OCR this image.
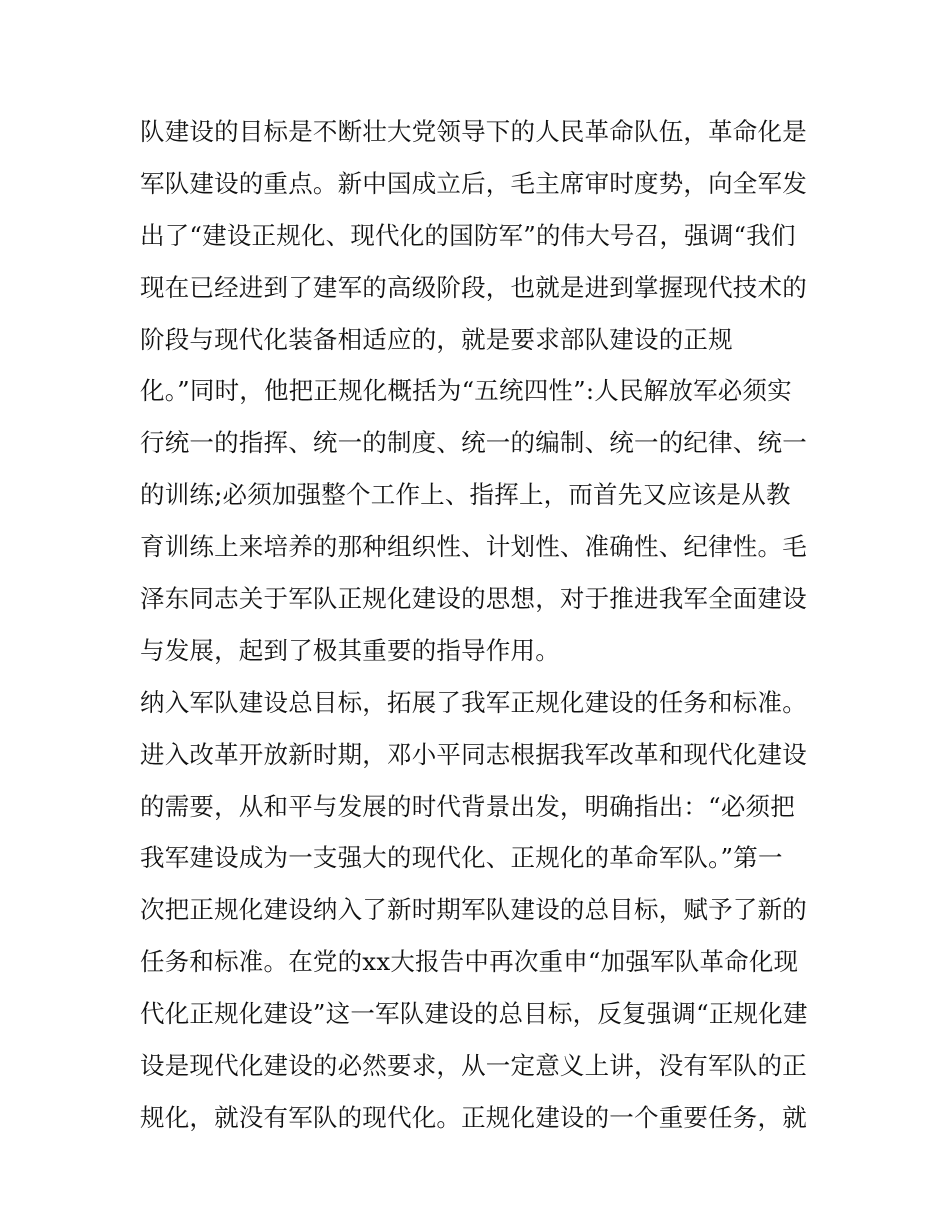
队建设的目标是不断壮大党领导下的人民革命队伍，革命化是
军队建设的重点。新中国成立后，毛主席审时度势，向全军发
出了“建设正规化、现代化的国防军”的伟大号召，强调“我们
现在已经进到了建军的高级阶段，也就是进到掌握现代技术的
阶段与现代化装备相适应的，就是要求部队建设的正规
化。”同时，他把正规化概括为“五统四性”:人民解放军必须实
行统一的指挥、统一的制度、统一的编制、统一的纪律、统一
的训练;必须加强整个工作上、指挥上，而首先又应该是从教
育训练上来培养的那种组织性、计划性、准确性、纪律性。毛
泽东同志关于军队正规化建设的思想，对于推进我军全面建设
与发展，起到了极其重要的指导作用。
纳入军队建设总目标，拓展了我军正规化建设的任务和标准。
进入改革开放新时期，邓小平同志根据我军改革和现代化建设
的需要，从和平与发展的时代背景出发，明确指出：“必须把
我军建设成为一支强大的现代化、正规化的革命军队。”第一
次把正规化建设纳入了新时期军队建设的总目标，赋予了新的
任务和标准。在党的xx大报告中再次重申“加强军队革命化现
代化正规化建设”这一军队建设的总目标，反复强调“正规化建
设是现代化建设的必然要求，从一定意义上讲，没有军队的正
规化，就没有军队的现代化。正规化建设的一个重要任务，就
